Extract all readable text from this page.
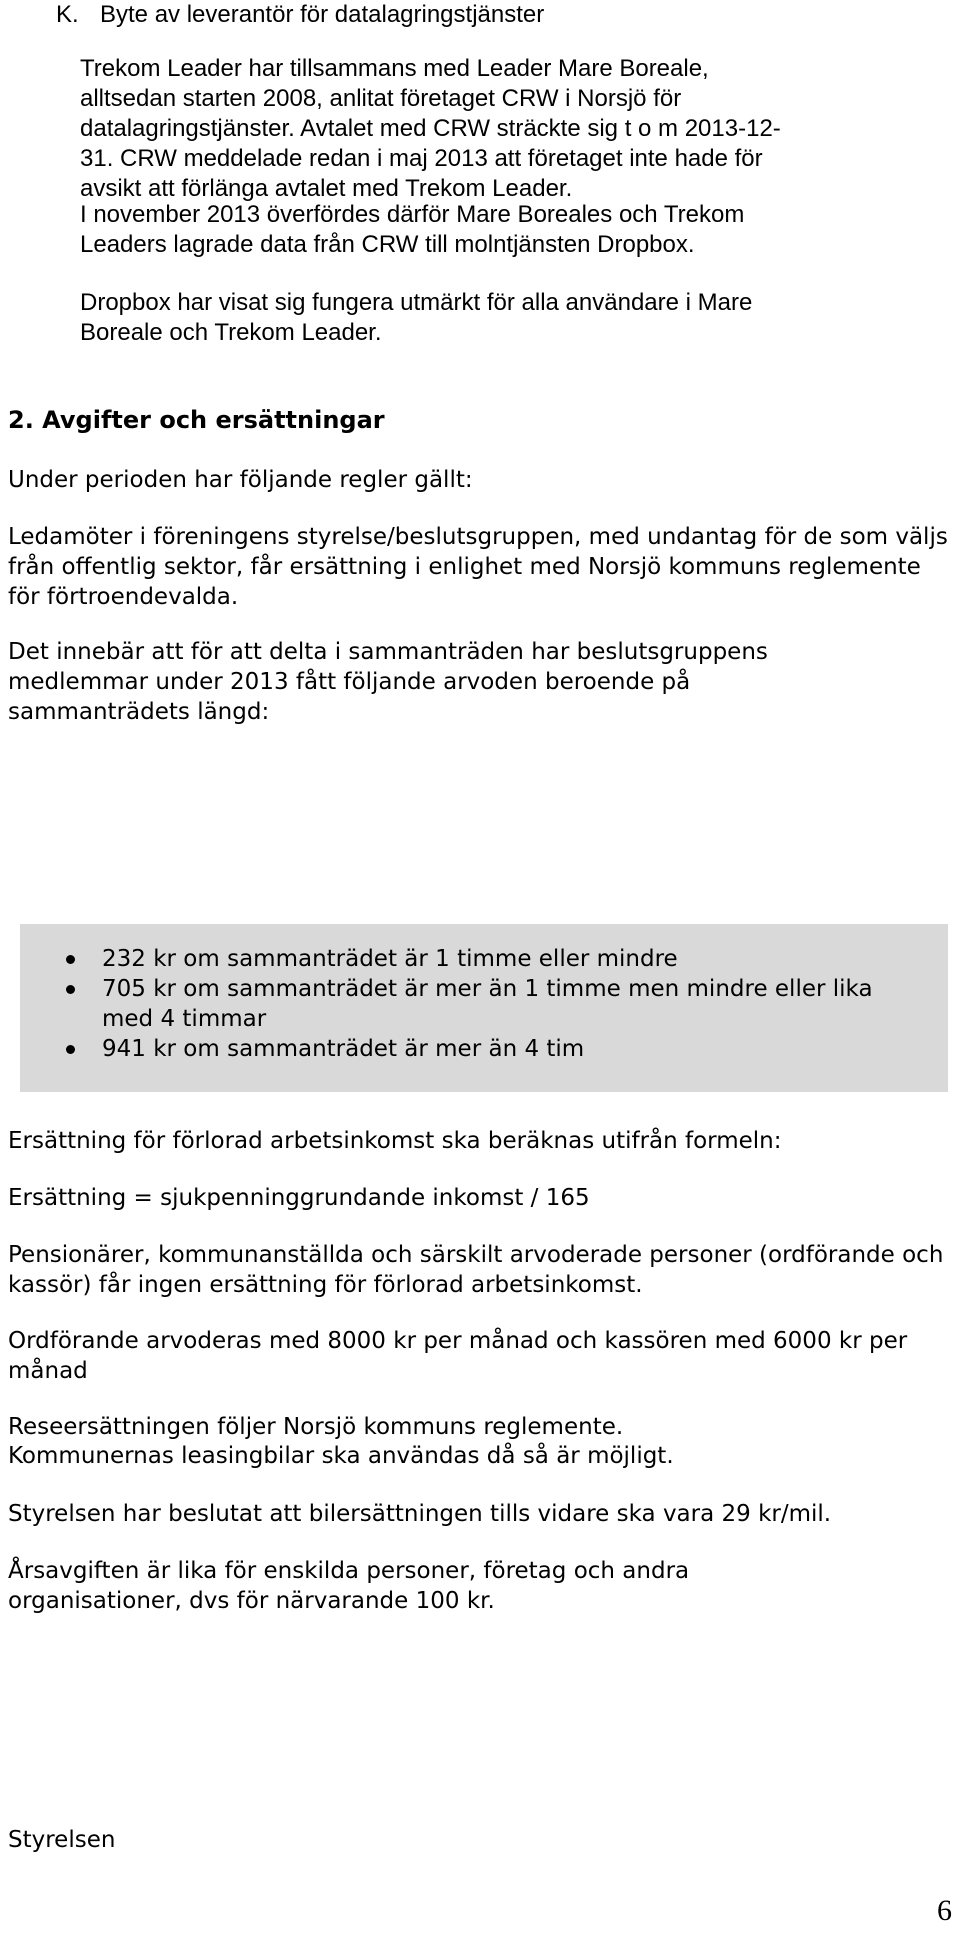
K. Byte av leverantör för datalagringstjänster

Trekom Leader har tillsammans med Leader Mare Boreale, alltsedan starten 2008, anlitat företaget CRW i Norsjö för datalagringstjänster. Avtalet med CRW sträckte sig t o m 2013-12-31. CRW meddelade redan i maj 2013 att företaget inte hade för avsikt att förlänga avtalet med Trekom Leader.

I november 2013 överfördes därför Mare Boreales och Trekom Leaders lagrade data från CRW till molntjänsten Dropbox.

Dropbox har visat sig fungera utmärkt för alla användare i Mare Boreale och Trekom Leader.

2. Avgifter och ersättningar

Under perioden har följande regler gällt:

Ledamöter i föreningens styrelse/beslutsgruppen, med undantag för de som väljs från offentlig sektor, får ersättning i enlighet med Norsjö kommuns reglemente för förtroendevalda.

Det innebär att för att delta i sammanträden har beslutsgruppens medlemmar under 2013 fått följande arvoden beroende på sammanträdets längd:

232 kr om sammanträdet är 1 timme eller mindre
705 kr om sammanträdet är mer än 1 timme men mindre eller lika med 4 timmar
941 kr om sammanträdet är mer än 4 tim

Ersättning för förlorad arbetsinkomst ska beräknas utifrån formeln:

Ersättning = sjukpenninggrundande inkomst / 165

Pensionärer, kommunanställda och särskilt arvoderade personer (ordförande och kassör) får ingen ersättning för förlorad arbetsinkomst.

Ordförande arvoderas med 8000 kr per månad och kassören med 6000 kr per månad

Reseersättningen följer Norsjö kommuns reglemente.

Kommunernas leasingbilar ska användas då så är möjligt.

Styrelsen har beslutat att bilersättningen tills vidare ska vara 29 kr/mil.

Årsavgiften är lika för enskilda personer, företag och andra organisationer, dvs för närvarande 100 kr.

Styrelsen

6
